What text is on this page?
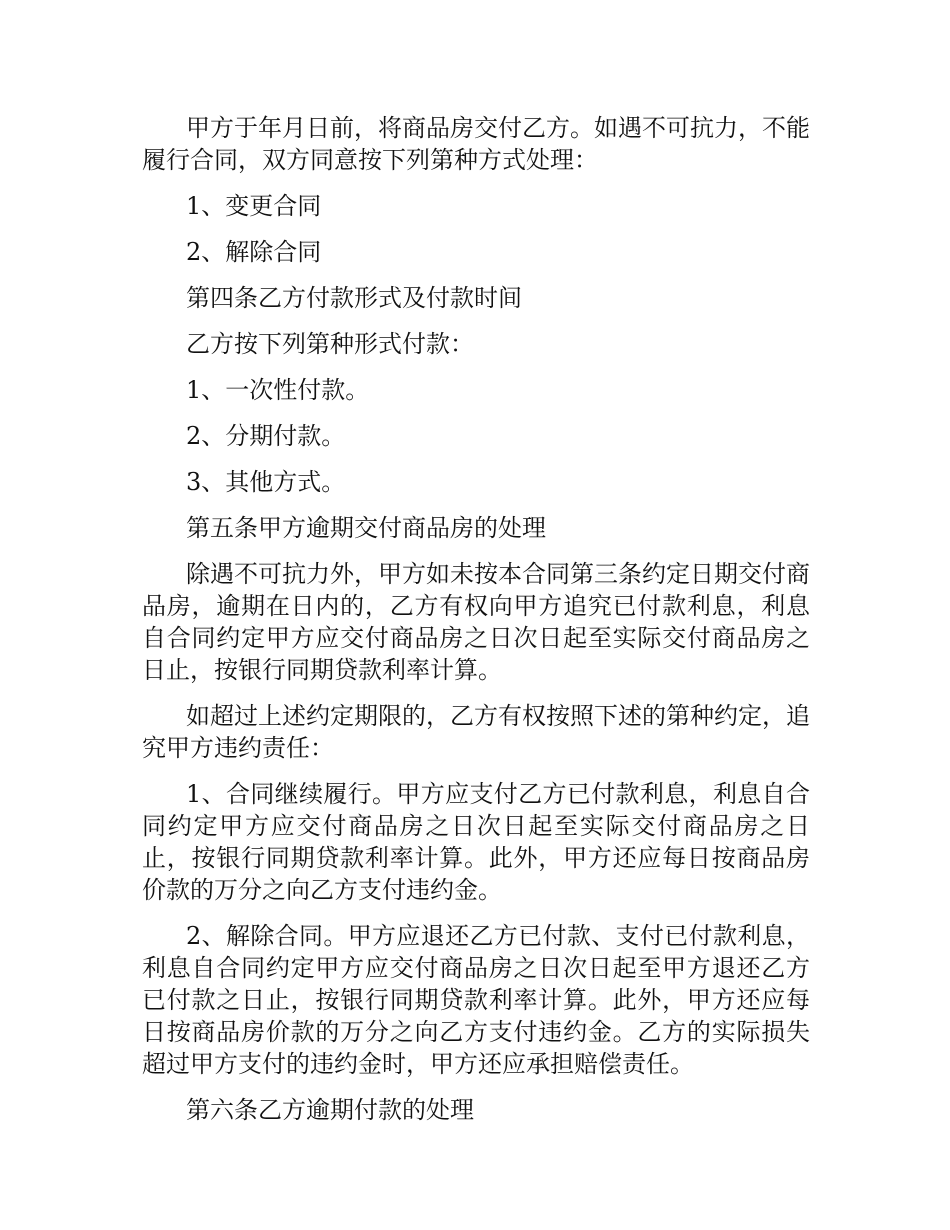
甲方于年月日前，将商品房交付乙方。如遇不可抗力，不能履行合同，双方同意按下列第种方式处理：

1、变更合同

2、解除合同

第四条乙方付款形式及付款时间

乙方按下列第种形式付款：

1、一次性付款。

2、分期付款。

3、其他方式。

第五条甲方逾期交付商品房的处理

除遇不可抗力外，甲方如未按本合同第三条约定日期交付商品房，逾期在日内的，乙方有权向甲方追究已付款利息，利息自合同约定甲方应交付商品房之日次日起至实际交付商品房之日止，按银行同期贷款利率计算。

如超过上述约定期限的，乙方有权按照下述的第种约定，追究甲方违约责任：

1、合同继续履行。甲方应支付乙方已付款利息，利息自合同约定甲方应交付商品房之日次日起至实际交付商品房之日止，按银行同期贷款利率计算。此外，甲方还应每日按商品房价款的万分之向乙方支付违约金。

2、解除合同。甲方应退还乙方已付款、支付已付款利息，利息自合同约定甲方应交付商品房之日次日起至甲方退还乙方已付款之日止，按银行同期贷款利率计算。此外，甲方还应每日按商品房价款的万分之向乙方支付违约金。乙方的实际损失超过甲方支付的违约金时，甲方还应承担赔偿责任。

第六条乙方逾期付款的处理
